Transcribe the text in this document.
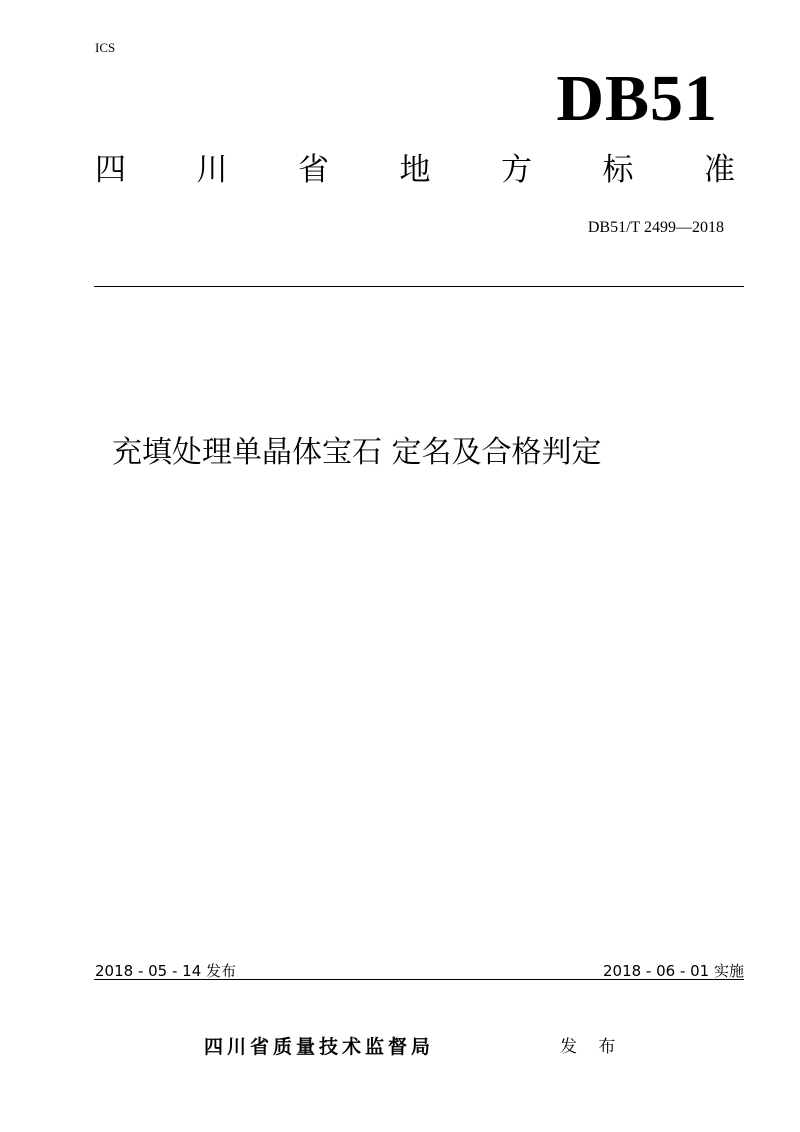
ICS
DB51
四 川 省 地 方 标 准
DB51/T 2499—2018
充填处理单晶体宝石 定名及合格判定
2018 - 05 - 14 发布	2018 - 06 - 01 实施
四川省质量技术监督局	发 布
